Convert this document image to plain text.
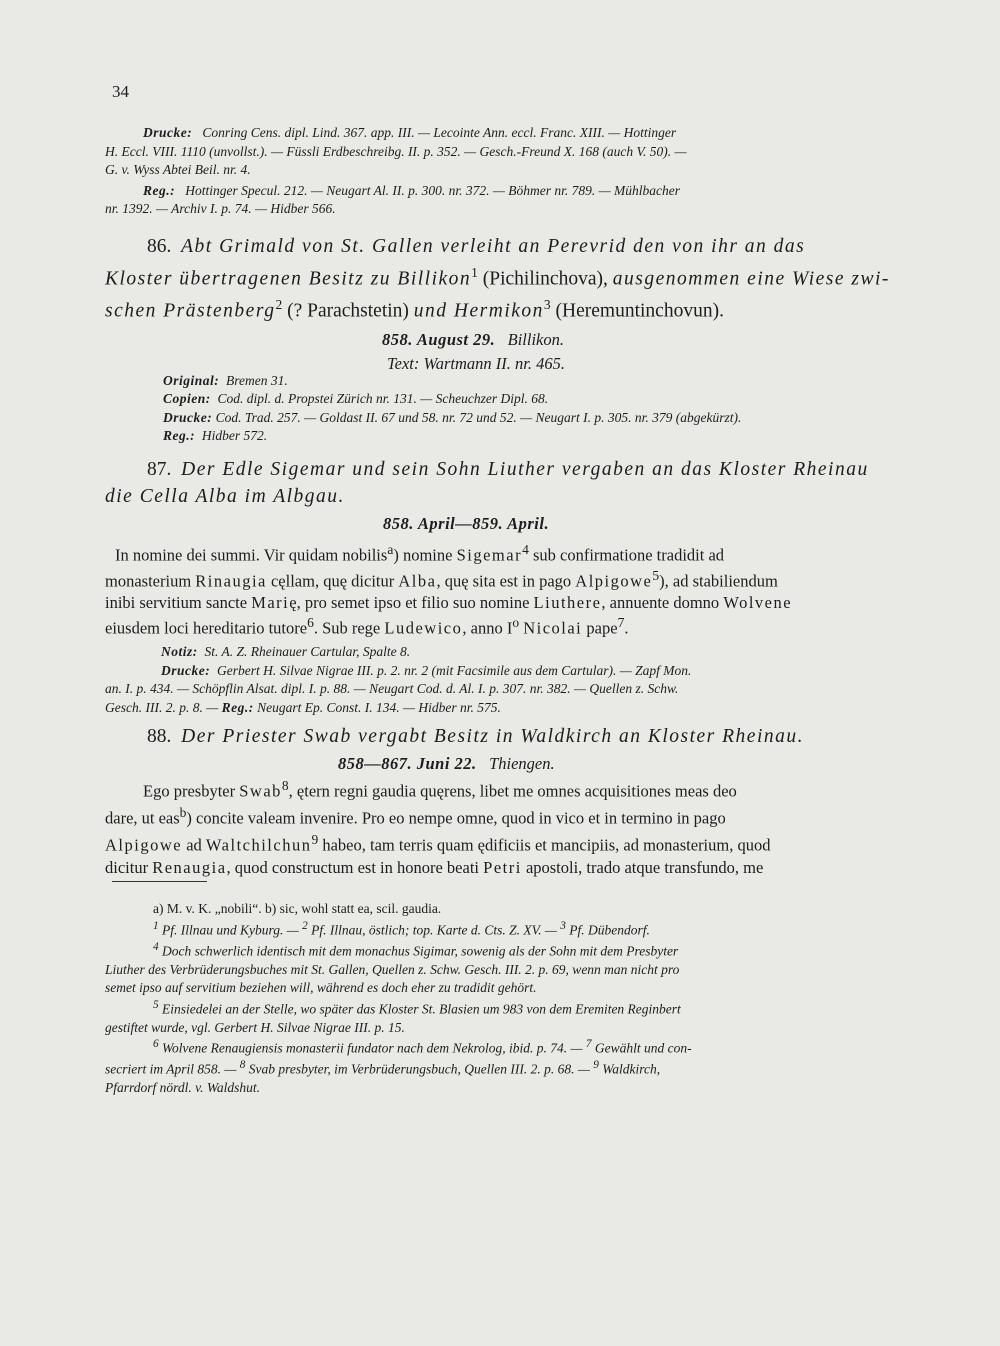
34
Drucke: Conring Cens. dipl. Lind. 367. app. III. — Lecointe Ann. eccl. Franc. XIII. — Hottinger
H. Eccl. VIII. 1110 (unvollst.). — Füssli Erdbeschreibg. II. p. 352. — Gesch.-Freund X. 168 (auch V. 50). —
G. v. Wyss Abtei Beil. nr. 4.
Reg.: Hottinger Specul. 212. — Neugart Al. II. p. 300. nr. 372. — Böhmer nr. 789. — Mühlbacher
nr. 1392. — Archiv I. p. 74. — Hidber 566.
86. Abt Grimald von St. Gallen verleiht an Perevrid den von ihr an das
Kloster übertragenen Besitz zu Billikon$^1$ (Pichilinchova), ausgenommen eine Wiese zwi-
schen Prästenberg$^2$ (? Parachstetin) und Hermikon$^3$ (Heremuntinchovun).
858. August 29. Billikon.
Text: Wartmann II. nr. 465.
Original: Bremen 31.
Copien: Cod. dipl. d. Propstei Zürich nr. 131. — Scheuchzer Dipl. 68.
Drucke: Cod. Trad. 257. — Goldast II. 67 und 58. nr. 72 und 52. — Neugart I. p. 305. nr. 379 (abgekürzt).
Reg.: Hidber 572.
87. Der Edle Sigemar und sein Sohn Liuther vergaben an das Kloster Rheinau
die Cella Alba im Albgau.
858. April—859. April.
In nomine dei summi. Vir quidam nobilis$^a$) nomine Sigemar$^4$ sub confirmatione tradidit ad
monasterium Rinaugia cęllam, quę dicitur Alba, quę sita est in pago Alpigowe$^5$), ad stabiliendum
inibi servitium sancte Marię, pro semet ipso et filio suo nomine Liuthere, annuente domno Wolvene
eiusdem loci hereditario tutore$^6$. Sub rege Ludewico, anno $I^o$ Nicolai pape$^7$.
Notiz: St. A. Z. Rheinauer Cartular, Spalte 8.
Drucke: Gerbert H. Silvae Nigrae III. p. 2. nr. 2 (mit Facsimile aus dem Cartular). — Zapf Mon.
an. I. p. 434. — Schöpflin Alsat. dipl. I. p. 88. — Neugart Cod. d. Al. I. p. 307. nr. 382. — Quellen z. Schw.
Gesch. III. 2. p. 8. — Reg.: Neugart Ep. Const. I. 134. — Hidber nr. 575.
88. Der Priester Swab vergabt Besitz in Waldkirch an Kloster Rheinau.
858—867. Juni 22. Thiengen.
Ego presbyter Swab$^8$, ętern regni gaudia quęrens, libet me omnes acquisitiones meas deo
dare, ut eas$^b$) concite valeam invenire. Pro eo nempe omne, quod in vico et in termino in pago
Alpigowe ad Waltchilchun$^9$ habeo, tam terris quam ędificiis et mancipiis, ad monasterium, quod
dicitur Renaugia, quod constructum est in honore beati Petri apostoli, trado atque transfundo, me
a) M. v. K. „nobili“. b) sic, wohl statt ea, scil. gaudia.
$^1$ Pf. Illnau und Kyburg. — $^2$ Pf. Illnau, östlich; top. Karte d. Cts. Z. XV. — $^3$ Pf. Dübendorf.
$^4$ Doch schwerlich identisch mit dem monachus Sigimar, sowenig als der Sohn mit dem Presbyter
Liuther des Verbrüderungsbuches mit St. Gallen, Quellen z. Schw. Gesch. III. 2. p. 69, wenn man nicht pro
semet ipso auf servitium beziehen will, während es doch eher zu tradidit gehört.
$^5$ Einsiedelei an der Stelle, wo später das Kloster St. Blasien um 983 von dem Eremiten Reginbert
gestiftet wurde, vgl. Gerbert H. Silvae Nigrae III. p. 15.
$^6$ Wolvene Renaugiensis monasterii fundator nach dem Nekrolog, ibid. p. 74. — $^7$ Gewählt und con-
secriert im April 858. — $^8$ Svab presbyter, im Verbrüderungsbuch, Quellen III. 2. p. 68. — $^9$ Waldkirch,
Pfarrdorf nördl. v. Waldshut.
